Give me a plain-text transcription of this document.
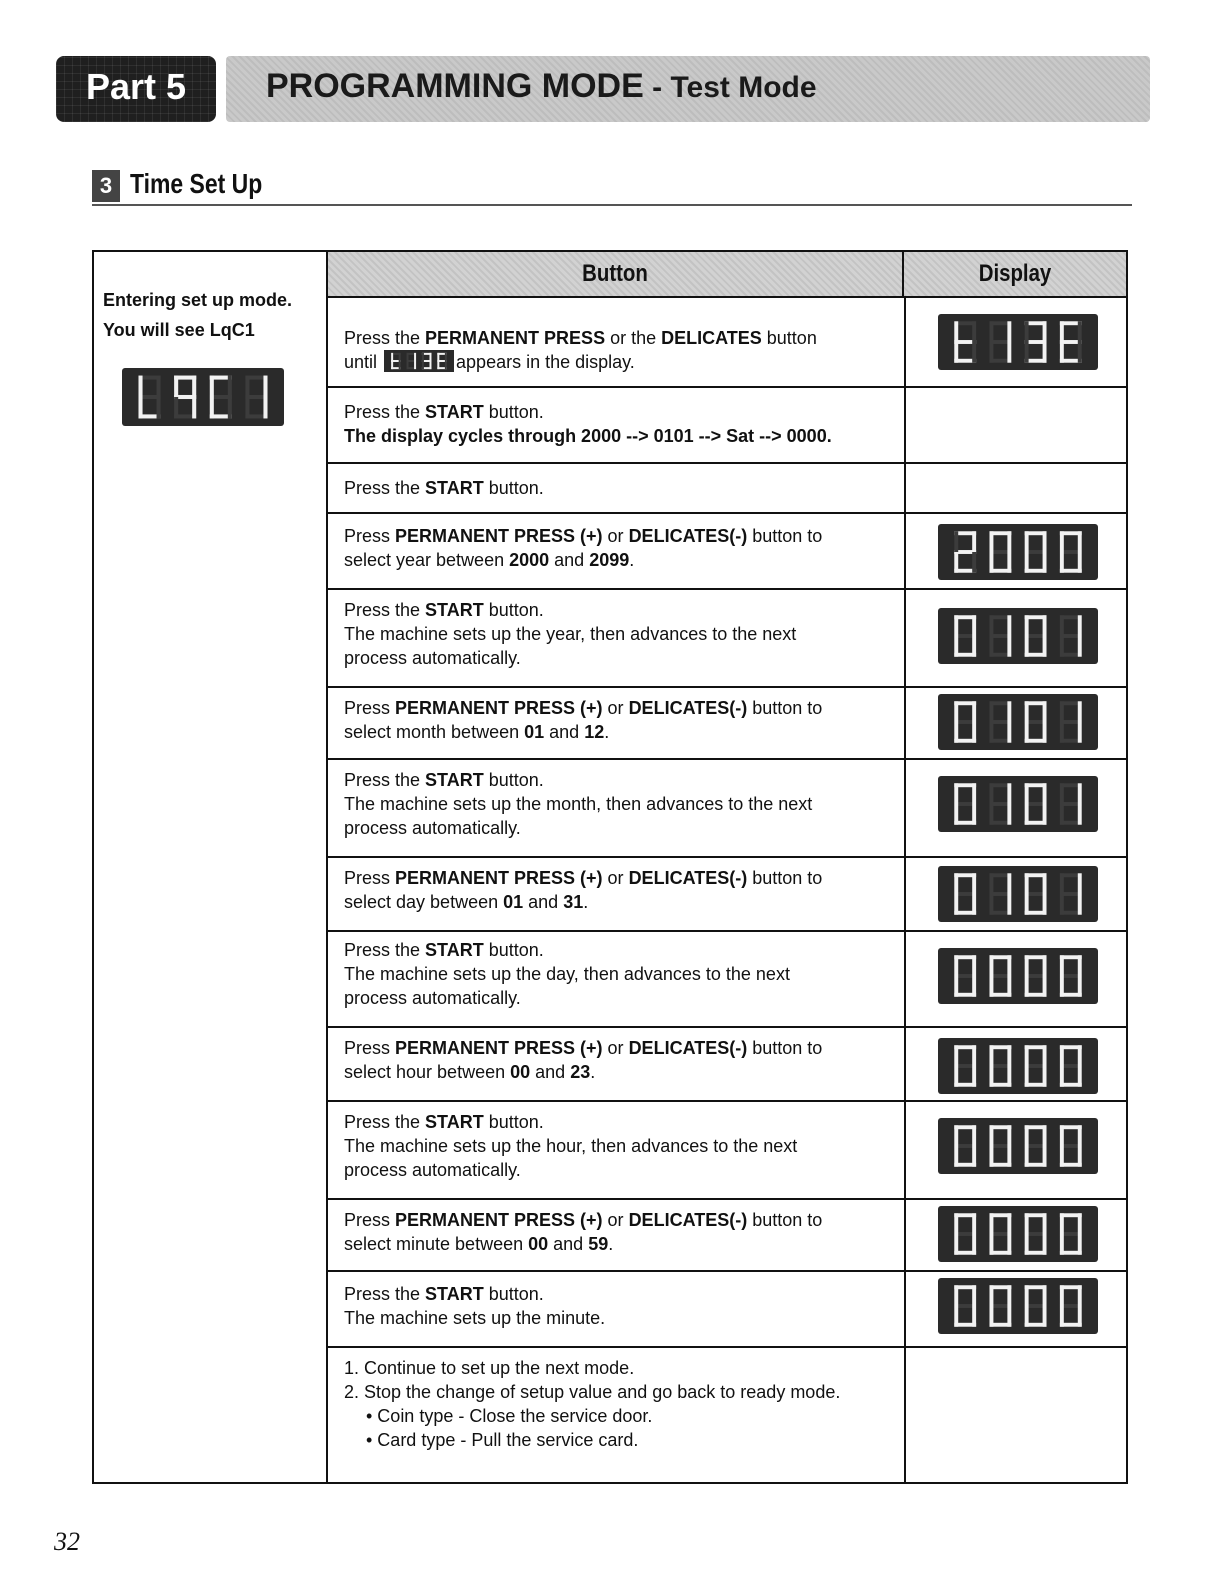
Part 5	PROGRAMMING MODE - Test Mode
3 Time Set Up
Entering set up mode.
You will see LqC1
Button	Display
Press the PERMANENT PRESS or the DELICATES button
until	appears in the display.
Press the START button.
The display cycles through 2000 --> 0101 --> Sat --> 0000.
Press the START button.
Press PERMANENT PRESS (+) or DELICATES(-) button to
select year between 2000 and 2099.
Press the START button.
The machine sets up the year, then advances to the next
process automatically.
Press PERMANENT PRESS (+) or DELICATES(-) button to
select month between 01 and 12.
Press the START button.
The machine sets up the month, then advances to the next
process automatically.
Press PERMANENT PRESS (+) or DELICATES(-) button to
select day between 01 and 31.
Press the START button.
The machine sets up the day, then advances to the next
process automatically.
Press PERMANENT PRESS (+) or DELICATES(-) button to
select hour between 00 and 23.
Press the START button.
The machine sets up the hour, then advances to the next
process automatically.
Press PERMANENT PRESS (+) or DELICATES(-) button to
select minute between 00 and 59.
Press the START button.
The machine sets up the minute.
1. Continue to set up the next mode.
2. Stop the change of setup value and go back to ready mode.
• Coin type - Close the service door.
• Card type - Pull the service card.
32
